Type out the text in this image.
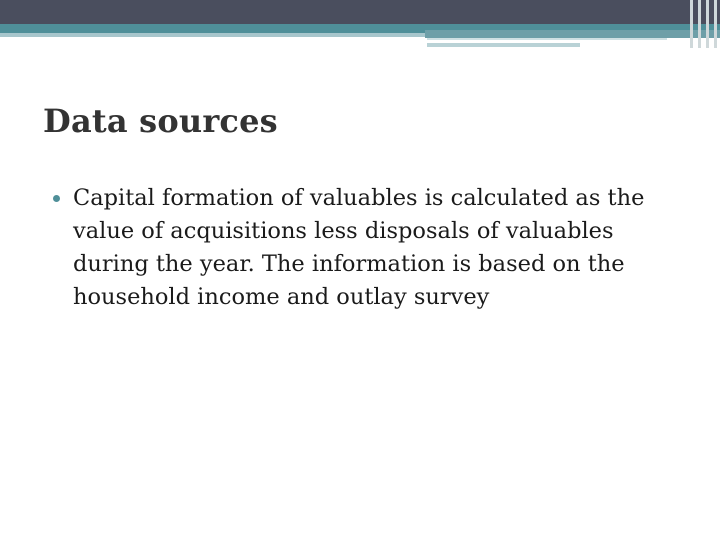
Data sources
Capital formation of valuables is calculated as the value of acquisitions less disposals of valuables during the year. The information is based on the household income and outlay survey
